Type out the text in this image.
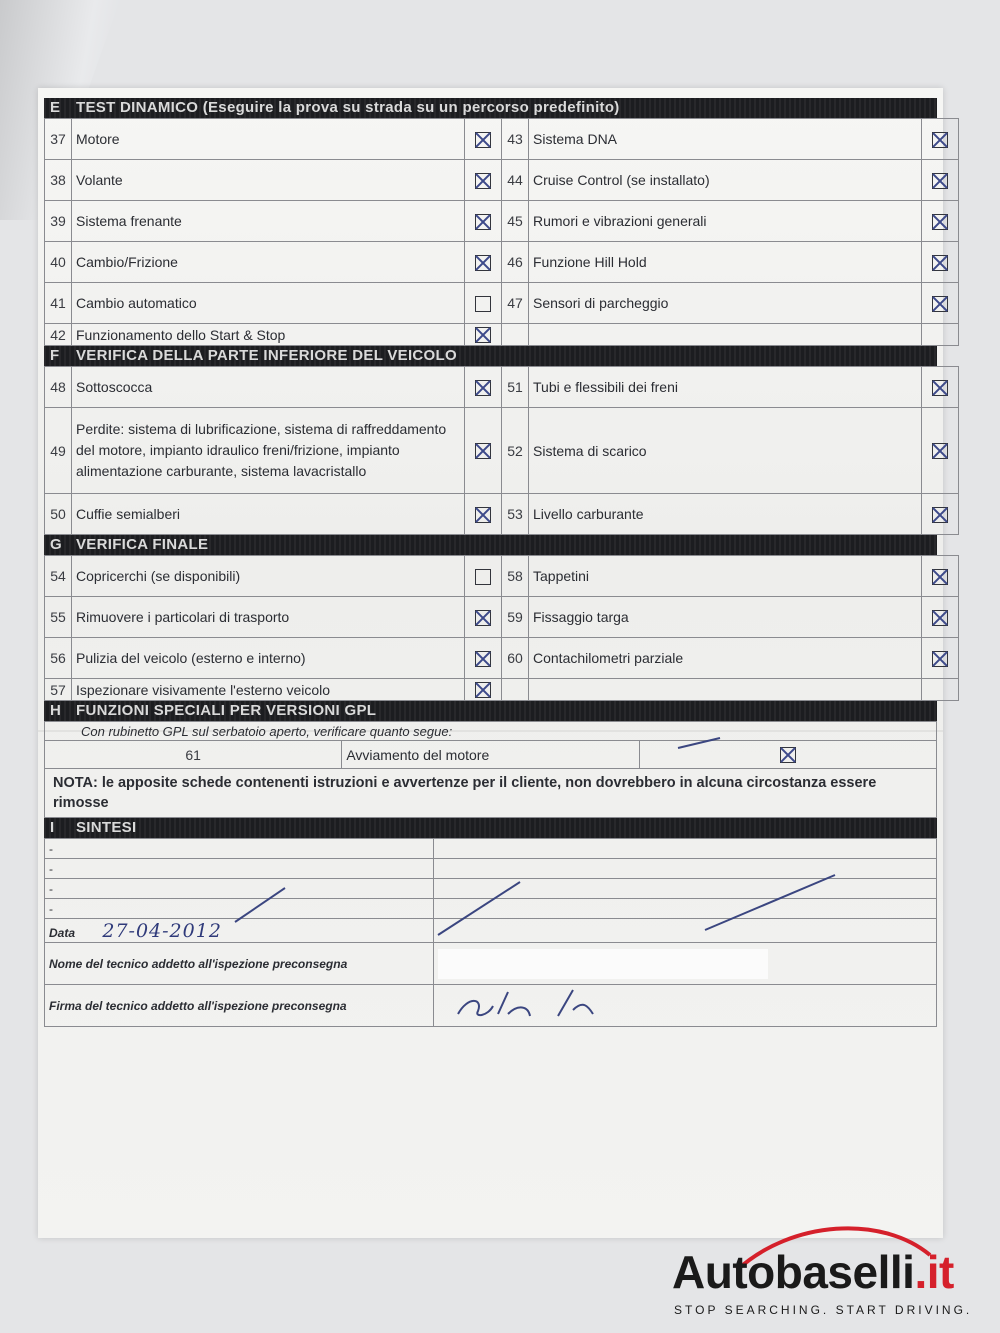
E TEST DINAMICO (Eseguire la prova su strada su un percorso predefinito)
37	Motore		43	Sistema DNA	
38	Volante		44	Cruise Control (se installato)	
39	Sistema frenante		45	Rumori e vibrazioni generali	
40	Cambio/Frizione		46	Funzione Hill Hold	
41	Cambio automatico		47	Sensori di parcheggio	
42	Funzionamento dello Start & Stop				
F VERIFICA DELLA PARTE INFERIORE DEL VEICOLO
48	Sottoscocca		51	Tubi e flessibili dei freni	
49	Perdite: sistema di lubrificazione, sistema di raffreddamento del motore, impianto idraulico freni/frizione, impianto alimentazione carburante, sistema lavacristallo		52	Sistema di scarico	
50	Cuffie semialberi		53	Livello carburante	
G VERIFICA FINALE
54	Copricerchi (se disponibili)		58	Tappetini	
55	Rimuovere i particolari di trasporto		59	Fissaggio targa	
56	Pulizia del veicolo (esterno e interno)		60	Contachilometri parziale	
57	Ispezionare visivamente l'esterno veicolo				
H FUNZIONI SPECIALI PER VERSIONI GPL
Con rubinetto GPL sul serbatoio aperto, verificare quanto segue:
61	Avviamento del motore	
NOTA: le apposite schede contenenti istruzioni e avvertenze per il cliente, non dovrebbero in alcuna circostanza essere rimosse
I SINTESI
-	
-	
-	
-	
Data 27-04-2012	
Nome del tecnico addetto all'ispezione preconsegna	

Firma del tecnico addetto all'ispezione preconsegna	
Autobaselli.it
STOP SEARCHING. START DRIVING.
